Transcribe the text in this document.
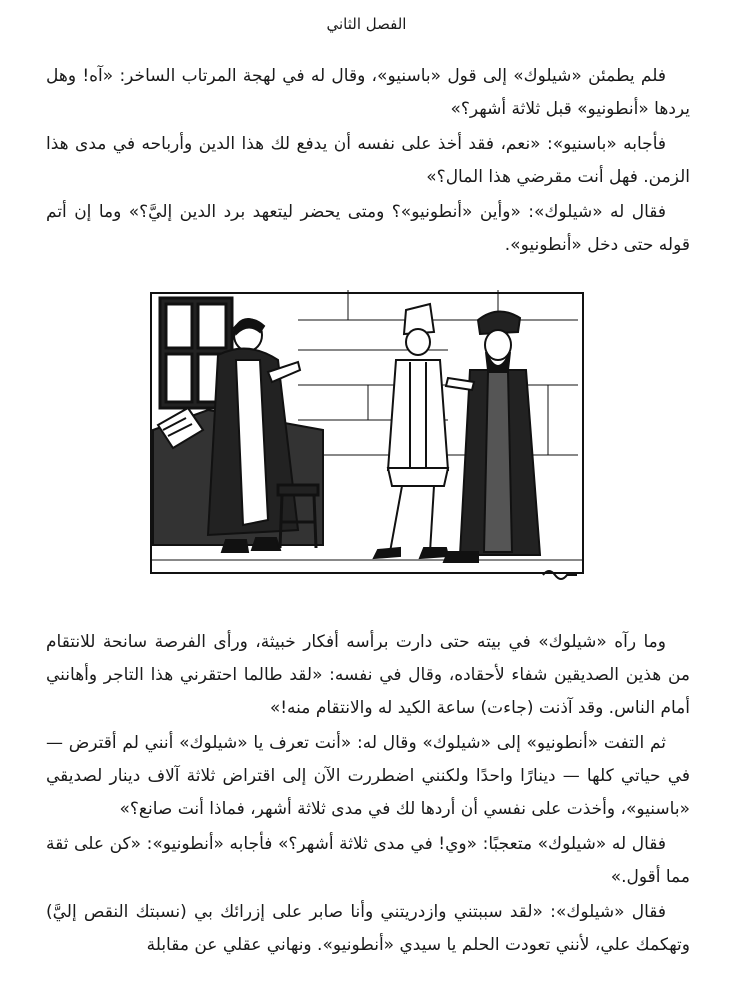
الفصل الثاني

فلم يطمئن «شيلوك» إلى قول «باسنيو»، وقال له في لهجة المرتاب الساخر: «آه! وهل يردها «أنطونيو» قبل ثلاثة أشهر؟»

فأجابه «باسنيو»: «نعم، فقد أخذ على نفسه أن يدفع لك هذا الدين وأرباحه في مدى هذا الزمن. فهل أنت مقرضي هذا المال؟»

فقال له «شيلوك»: «وأين «أنطونيو»؟ ومتى يحضر ليتعهد برد الدين إليَّ؟» وما إن أتم قوله حتى دخل «أنطونيو».

وما رآه «شيلوك» في بيته حتى دارت برأسه أفكار خبيثة، ورأى الفرصة سانحة للانتقام من هذين الصديقين شفاء لأحقاده، وقال في نفسه: «لقد طالما احتقرني هذا التاجر وأهانني أمام الناس. وقد آذنت (جاءت) ساعة الكيد له والانتقام منه!»

ثم التفت «أنطونيو» إلى «شيلوك» وقال له: «أنت تعرف يا «شيلوك» أنني لم أقترض — في حياتي كلها — دينارًا واحدًا ولكنني اضطررت الآن إلى اقتراض ثلاثة آلاف دينار لصديقي «باسنيو»، وأخذت على نفسي أن أردها لك في مدى ثلاثة أشهر، فماذا أنت صانع؟»

فقال له «شيلوك» متعجبًا: «وي! في مدى ثلاثة أشهر؟» فأجابه «أنطونيو»: «كن على ثقة مما أقول.»

فقال «شيلوك»: «لقد سببتني وازدريتني وأنا صابر على إزرائك بي (نسبتك النقص إليَّ) وتهكمك علي، لأنني تعودت الحلم يا سيدي «أنطونيو». ونهاني عقلي عن مقابلة
